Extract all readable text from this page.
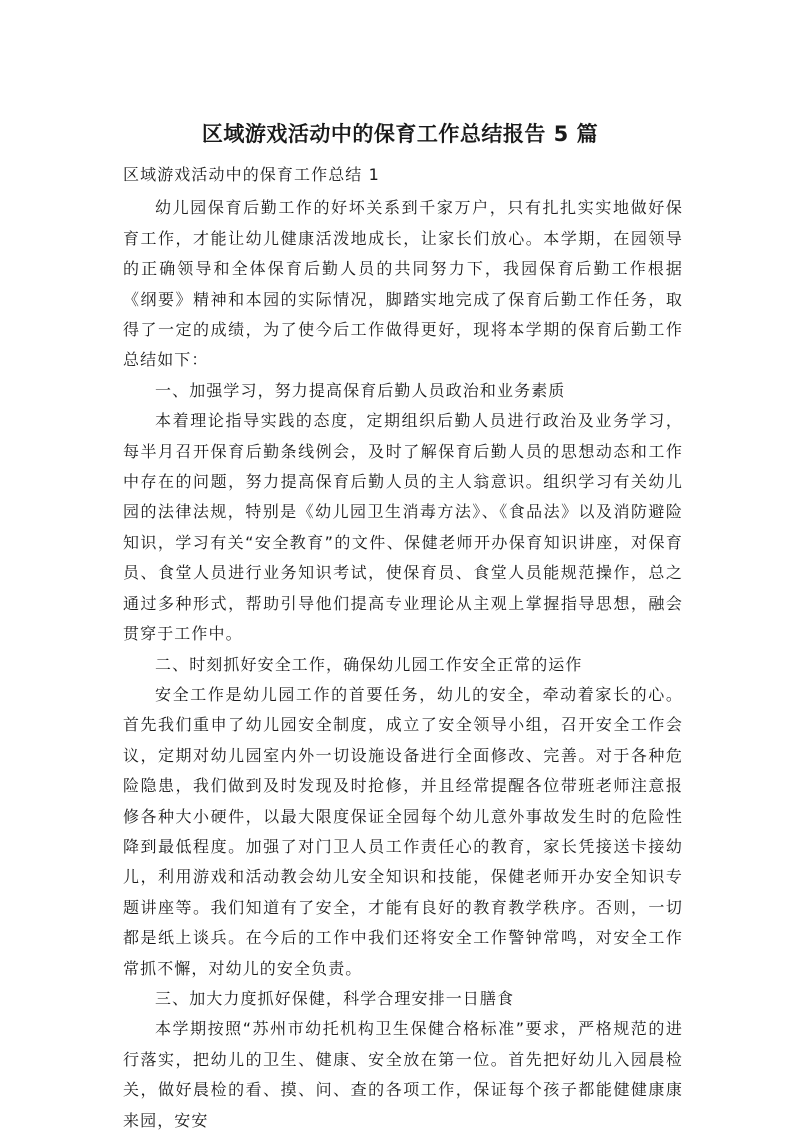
区域游戏活动中的保育工作总结报告 5 篇
区域游戏活动中的保育工作总结 1
幼儿园保育后勤工作的好坏关系到千家万户，只有扎扎实实地做好保育工作，才能让幼儿健康活泼地成长，让家长们放心。本学期，在园领导的正确领导和全体保育后勤人员的共同努力下，我园保育后勤工作根据《纲要》精神和本园的实际情况，脚踏实地完成了保育后勤工作任务，取得了一定的成绩，为了使今后工作做得更好，现将本学期的保育后勤工作总结如下：
一、加强学习，努力提高保育后勤人员政治和业务素质
本着理论指导实践的态度，定期组织后勤人员进行政治及业务学习，每半月召开保育后勤条线例会，及时了解保育后勤人员的思想动态和工作中存在的问题，努力提高保育后勤人员的主人翁意识。组织学习有关幼儿园的法律法规，特别是《幼儿园卫生消毒方法》、《食品法》以及消防避险知识，学习有关“安全教育”的文件、保健老师开办保育知识讲座，对保育员、食堂人员进行业务知识考试，使保育员、食堂人员能规范操作，总之通过多种形式，帮助引导他们提高专业理论从主观上掌握指导思想，融会贯穿于工作中。
二、时刻抓好安全工作，确保幼儿园工作安全正常的运作
安全工作是幼儿园工作的首要任务，幼儿的安全，牵动着家长的心。首先我们重申了幼儿园安全制度，成立了安全领导小组，召开安全工作会议，定期对幼儿园室内外一切设施设备进行全面修改、完善。对于各种危险隐患，我们做到及时发现及时抢修，并且经常提醒各位带班老师注意报修各种大小硬件，以最大限度保证全园每个幼儿意外事故发生时的危险性降到最低程度。加强了对门卫人员工作责任心的教育，家长凭接送卡接幼儿，利用游戏和活动教会幼儿安全知识和技能，保健老师开办安全知识专题讲座等。我们知道有了安全，才能有良好的教育教学秩序。否则，一切都是纸上谈兵。在今后的工作中我们还将安全工作警钟常鸣，对安全工作常抓不懈，对幼儿的安全负责。
三、加大力度抓好保健，科学合理安排一日膳食
本学期按照“苏州市幼托机构卫生保健合格标准”要求，严格规范的进行落实，把幼儿的卫生、健康、安全放在第一位。首先把好幼儿入园晨检关，做好晨检的看、摸、问、查的各项工作，保证每个孩子都能健健康康来园，安安
